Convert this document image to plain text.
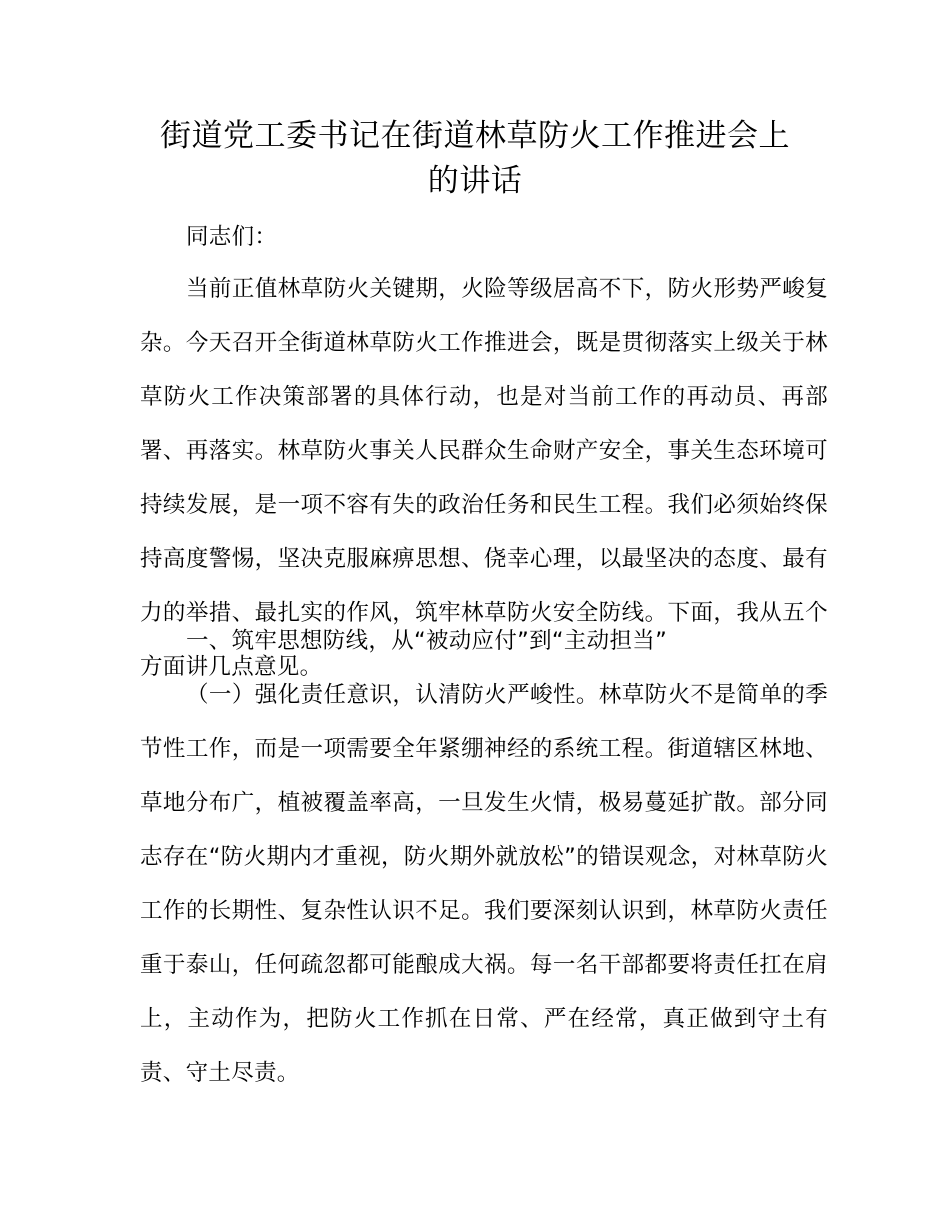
街道党工委书记在街道林草防火工作推进会上
的讲话

同志们：

当前正值林草防火关键期，火险等级居高不下，防火形势严峻复杂。今天召开全街道林草防火工作推进会，既是贯彻落实上级关于林草防火工作决策部署的具体行动，也是对当前工作的再动员、再部署、再落实。林草防火事关人民群众生命财产安全，事关生态环境可持续发展，是一项不容有失的政治任务和民生工程。我们必须始终保持高度警惕，坚决克服麻痹思想、侥幸心理，以最坚决的态度、最有力的举措、最扎实的作风，筑牢林草防火安全防线。下面，我从五个方面讲几点意见。

一、筑牢思想防线，从“被动应付”到“主动担当”

（一）强化责任意识，认清防火严峻性。林草防火不是简单的季节性工作，而是一项需要全年紧绷神经的系统工程。街道辖区林地、草地分布广，植被覆盖率高，一旦发生火情，极易蔓延扩散。部分同志存在“防火期内才重视，防火期外就放松”的错误观念，对林草防火工作的长期性、复杂性认识不足。我们要深刻认识到，林草防火责任重于泰山，任何疏忽都可能酿成大祸。每一名干部都要将责任扛在肩上，主动作为，把防火工作抓在日常、严在经常，真正做到守土有责、守土尽责。
